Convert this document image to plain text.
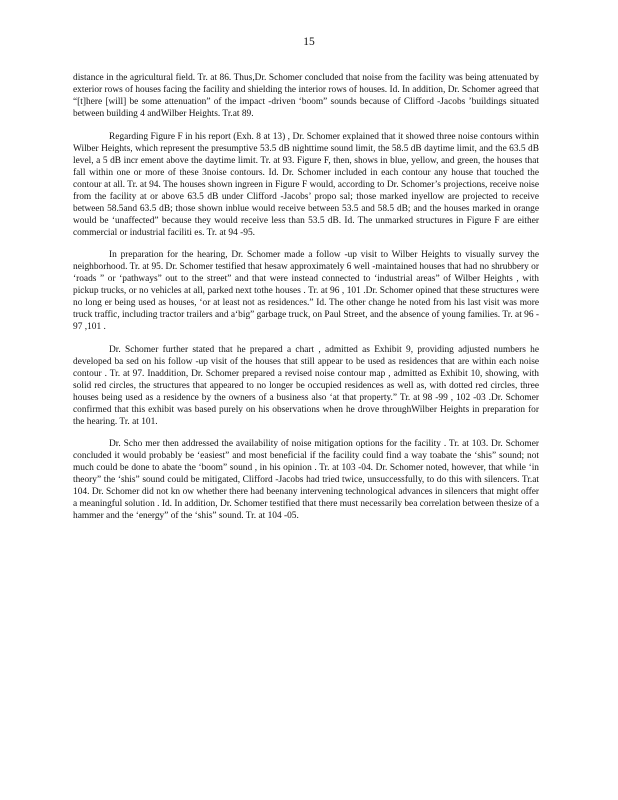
15

distance in the agricultural field. Tr. at 86. Thus,Dr. Schomer concluded that noise from the facility was being attenuated by exterior rows of houses facing the facility and shielding the interior rows of houses. Id. In addition, Dr. Schomer agreed that “[t]here [will] be some attenuation” of the impact -driven ‘boom” sounds because of Clifford -Jacobs ’buildings situated between building 4 andWilber Heights. Tr.at 89.

Regarding Figure F in his report (Exh. 8 at 13) , Dr. Schomer explained that it showed three noise contours within Wilber Heights, which represent the presumptive 53.5 dB nighttime sound limit, the 58.5 dB daytime limit, and the 63.5 dB level, a 5 dB incr ement above the daytime limit. Tr. at 93. Figure F, then, shows in blue, yellow, and green, the houses that fall within one or more of these 3noise contours. Id. Dr. Schomer included in each contour any house that touched the contour at all. Tr. at 94. The houses shown ingreen in Figure F would, according to Dr. Schomer’s projections, receive noise from the facility at or above 63.5 dB under Clifford -Jacobs’ propo sal; those marked inyellow are projected to receive between 58.5and 63.5 dB; those shown inblue would receive between 53.5 and 58.5 dB; and the houses marked in orange would be ‘unaffected” because they would receive less than 53.5 dB. Id. The unmarked structures in Figure F are either commercial or industrial faciliti es. Tr. at 94 -95.

In preparation for the hearing, Dr. Schomer made a follow -up visit to Wilber Heights to visually survey the neighborhood. Tr. at 95. Dr. Schomer testified that hesaw approximately 6 well -maintained houses that had no shrubbery or ‘roads ” or ‘pathways” out to the street” and that were instead connected to ‘industrial areas” of Wilber Heights , with pickup trucks, or no vehicles at all, parked next tothe houses . Tr. at 96 , 101 .Dr. Schomer opined that these structures were no long er being used as houses, ‘or at least not as residences.” Id. The other change he noted from his last visit was more truck traffic, including tractor trailers and a‘big” garbage truck, on Paul Street, and the absence of young families. Tr. at 96 - 97 ,101 .

Dr. Schomer further stated that he prepared a chart , admitted as Exhibit 9, providing adjusted numbers he developed ba sed on his follow -up visit of the houses that still appear to be used as residences that are within each noise contour . Tr. at 97. Inaddition, Dr. Schomer prepared a revised noise contour map , admitted as Exhibit 10, showing, with solid red circles, the structures that appeared to no longer be occupied residences as well as, with dotted red circles, three houses being used as a residence by the owners of a business also ‘at that property.” Tr. at 98 -99 , 102 -03 .Dr. Schomer confirmed that this exhibit was based purely on his observations when he drove throughWilber Heights in preparation for the hearing. Tr. at 101.

Dr. Scho mer then addressed the availability of noise mitigation options for the facility . Tr. at 103. Dr. Schomer concluded it would probably be ‘easiest” and most beneficial if the facility could find a way toabate the ‘shis” sound; not much could be done to abate the ‘boom” sound , in his opinion . Tr. at 103 -04. Dr. Schomer noted, however, that while ‘in theory” the ‘shis” sound could be mitigated, Clifford -Jacobs had tried twice, unsuccessfully, to do this with silencers. Tr.at 104. Dr. Schomer did not kn ow whether there had beenany intervening technological advances in silencers that might offer a meaningful solution . Id. In addition, Dr. Schomer testified that there must necessarily bea correlation between thesize of a hammer and the ‘energy” of the ‘shis” sound. Tr. at 104 -05.
